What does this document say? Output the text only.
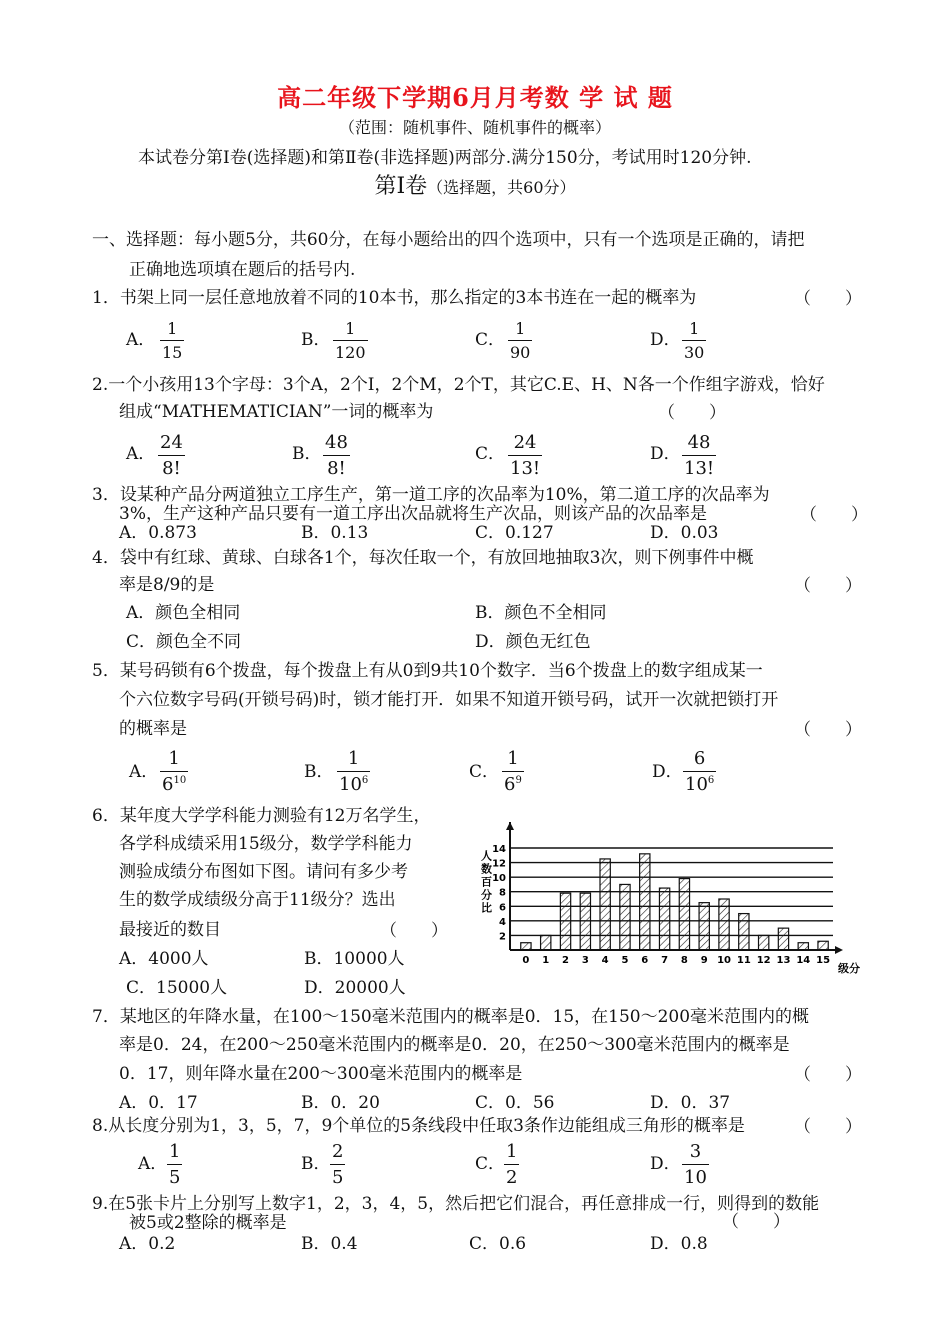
高二年级下学期6月月考数 学 试 题
（范围：随机事件、随机事件的概率）
本试卷分第Ⅰ卷(选择题)和第Ⅱ卷(非选择题)两部分.满分150分，考试用时120分钟.
第Ⅰ卷（选择题，共60分）
一、选择题：每小题5分，共60分，在每小题给出的四个选项中，只有一个选项是正确的，请把
正确地选项填在题后的括号内.
1．书架上同一层任意地放着不同的10本书，那么指定的3本书连在一起的概率为	（　　）
A．
1
15
B．
1
120
C．
1
90
D．
1
30
2.一个小孩用13个字母：3个A，2个I，2个M，2个T，其它C.E、H、N各一个作组字游戏，恰好
组成“MATHEMATICIAN”一词的概率为	（　　）
A．
24
8!
B．
48
8!
C．
24
13!
D．
48
13!
3．设某种产品分两道独立工序生产，第一道工序的次品率为10%，第二道工序的次品率为
3%，生产这种产品只要有一道工序出次品就将生产次品，则该产品的次品率是	（　　）
A．0.873	B．0.13	C．0.127	D．0.03
4．袋中有红球、黄球、白球各1个，每次任取一个，有放回地抽取3次，则下例事件中概
率是8/9的是	（　　）
A．颜色全相同	B．颜色不全相同
C．颜色全不同	D．颜色无红色
5．某号码锁有6个拨盘，每个拨盘上有从0到9共10个数字．当6个拨盘上的数字组成某一
个六位数字号码(开锁号码)时，锁才能打开．如果不知道开锁号码，试开一次就把锁打开
的概率是	（　　）
A．
1
$6^{10}$	B．
1
$10^6$	C．
1
$6^9$	D．
6
$10^6$
6．某年度大学学科能力测验有12万名学生，
各学科成绩采用15级分，数学学科能力
测验成绩分布图如下图。请问有多少考
生的数学成绩级分高于11级分？选出
最接近的数目	（　　）
A．4000人	B．10000人
C．15000人	D．20000人
2
4
6
8
10
12
14
0 1 2 3 4 5 6 7 8 9 10 11 12 13 14 15
人数百分比
级分
7．某地区的年降水量，在100～150毫米范围内的概率是0．15，在150～200毫米范围内的概
率是0．24，在200～250毫米范围内的概率是0．20，在250～300毫米范围内的概率是
0．17，则年降水量在200～300毫米范围内的概率是	（　　）
A．0．17	B．0．20	C．0．56	D．0．37
8.从长度分别为1，3，5，7，9个单位的5条线段中任取3条作边能组成三角形的概率是	（　　）
A．
1
5
B．
2
5
C．
1
2
D．
3
10
9.在5张卡片上分别写上数字1，2，3，4，5，然后把它们混合，再任意排成一行，则得到的数能
被5或2整除的概率是	（　　）
A．0.2	B．0.4	C．0.6	D．0.8
